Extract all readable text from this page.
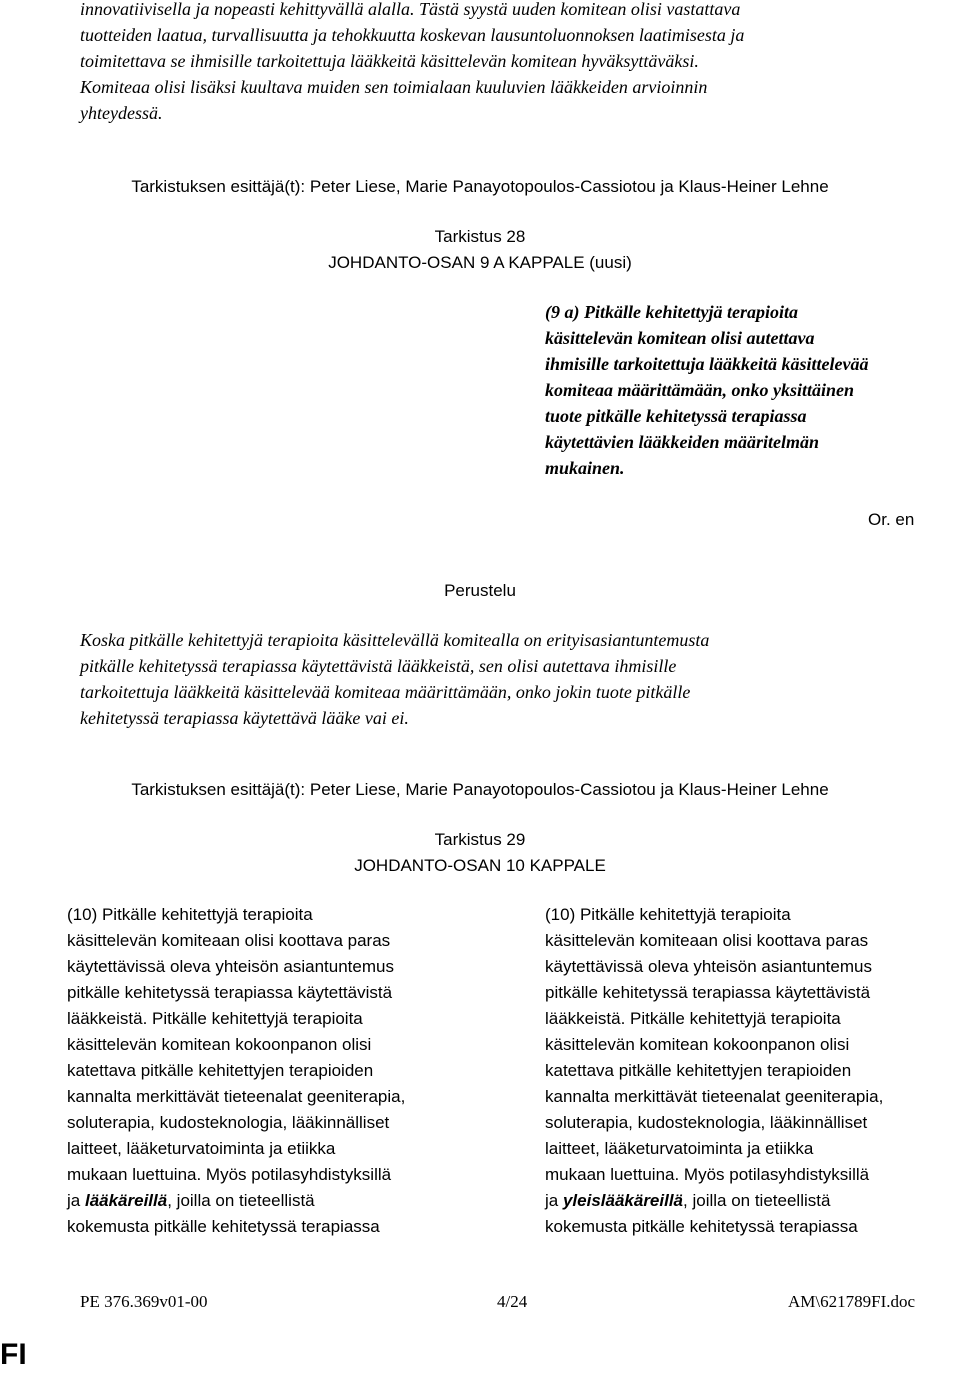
innovatiivisella ja nopeasti kehittyvällä alalla. Tästä syystä uuden komitean olisi vastattava
tuotteiden laatua, turvallisuutta ja tehokkuutta koskevan lausuntoluonnoksen laatimisesta ja
toimitettava se ihmisille tarkoitettuja lääkkeitä käsittelevän komitean hyväksyttäväksi.
Komiteaa olisi lisäksi kuultava muiden sen toimialaan kuuluvien lääkkeiden arvioinnin
yhteydessä.
Tarkistuksen esittäjä(t): Peter Liese, Marie Panayotopoulos-Cassiotou ja Klaus-Heiner Lehne
Tarkistus 28
JOHDANTO-OSAN 9 A KAPPALE (uusi)
(9 a) Pitkälle kehitettyjä terapioita
käsittelevän komitean olisi autettava
ihmisille tarkoitettuja lääkkeitä käsittelevää
komiteaa määrittämään, onko yksittäinen
tuote pitkälle kehitetyssä terapiassa
käytettävien lääkkeiden määritelmän
mukainen.
Or. en
Perustelu
Koska pitkälle kehitettyjä terapioita käsittelevällä komitealla on erityisasiantuntemusta
pitkälle kehitetyssä terapiassa käytettävistä lääkkeistä, sen olisi autettava ihmisille
tarkoitettuja lääkkeitä käsittelevää komiteaa määrittämään, onko jokin tuote pitkälle
kehitetyssä terapiassa käytettävä lääke vai ei.
Tarkistuksen esittäjä(t): Peter Liese, Marie Panayotopoulos-Cassiotou ja Klaus-Heiner Lehne
Tarkistus 29
JOHDANTO-OSAN 10 KAPPALE
(10) Pitkälle kehitettyjä terapioita
käsittelevän komiteaan olisi koottava paras
käytettävissä oleva yhteisön asiantuntemus
pitkälle kehitetyssä terapiassa käytettävistä
lääkkeistä. Pitkälle kehitettyjä terapioita
käsittelevän komitean kokoonpanon olisi
katettava pitkälle kehitettyjen terapioiden
kannalta merkittävät tieteenalat geeniterapia,
soluterapia, kudosteknologia, lääkinnälliset
laitteet, lääketurvatoiminta ja etiikka
mukaan luettuina. Myös potilasyhdistyksillä
ja lääkäreillä, joilla on tieteellistä
kokemusta pitkälle kehitetyssä terapiassa
(10) Pitkälle kehitettyjä terapioita
käsittelevän komiteaan olisi koottava paras
käytettävissä oleva yhteisön asiantuntemus
pitkälle kehitetyssä terapiassa käytettävistä
lääkkeistä. Pitkälle kehitettyjä terapioita
käsittelevän komitean kokoonpanon olisi
katettava pitkälle kehitettyjen terapioiden
kannalta merkittävät tieteenalat geeniterapia,
soluterapia, kudosteknologia, lääkinnälliset
laitteet, lääketurvatoiminta ja etiikka
mukaan luettuina. Myös potilasyhdistyksillä
ja yleislääkäreillä, joilla on tieteellistä
kokemusta pitkälle kehitetyssä terapiassa
PE 376.369v01-00	4/24	AM\621789FI.doc
FI
